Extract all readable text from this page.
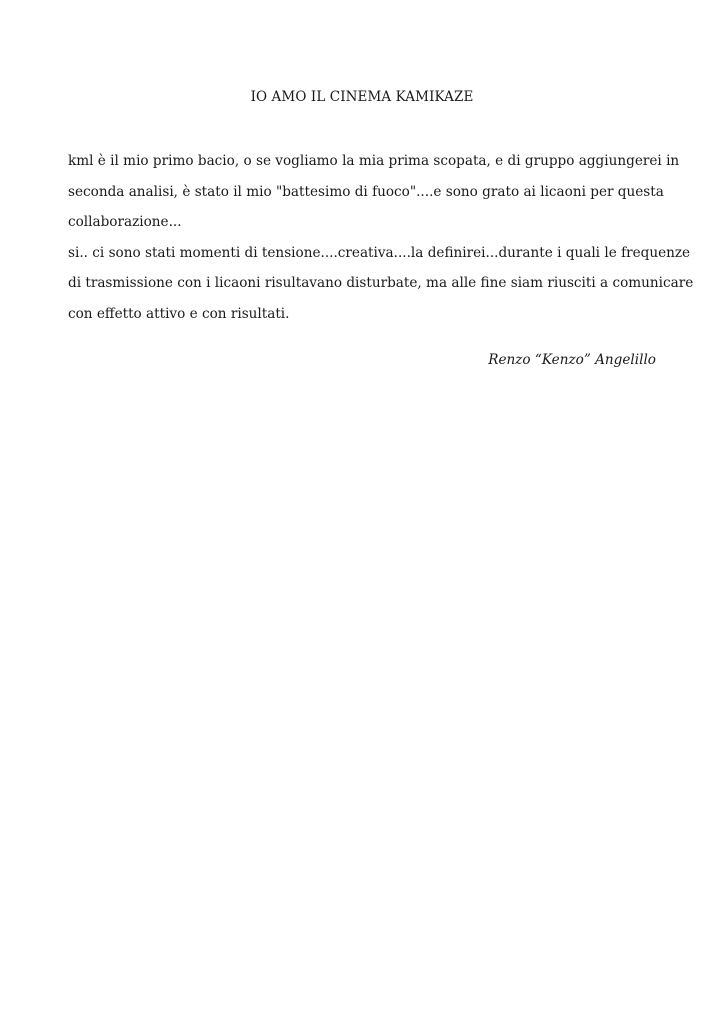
IO AMO IL CINEMA KAMIKAZE
kml è il mio primo bacio, o se vogliamo la mia prima scopata, e di gruppo aggiungerei in
seconda analisi, è stato il mio "battesimo di fuoco"....e sono grato ai licaoni per questa
collaborazione...
si.. ci sono stati momenti di tensione....creativa....la definirei...durante i quali le frequenze
di trasmissione con i licaoni risultavano disturbate, ma alle fine siam riusciti a comunicare
con effetto attivo e con risultati.
Renzo “Kenzo” Angelillo
